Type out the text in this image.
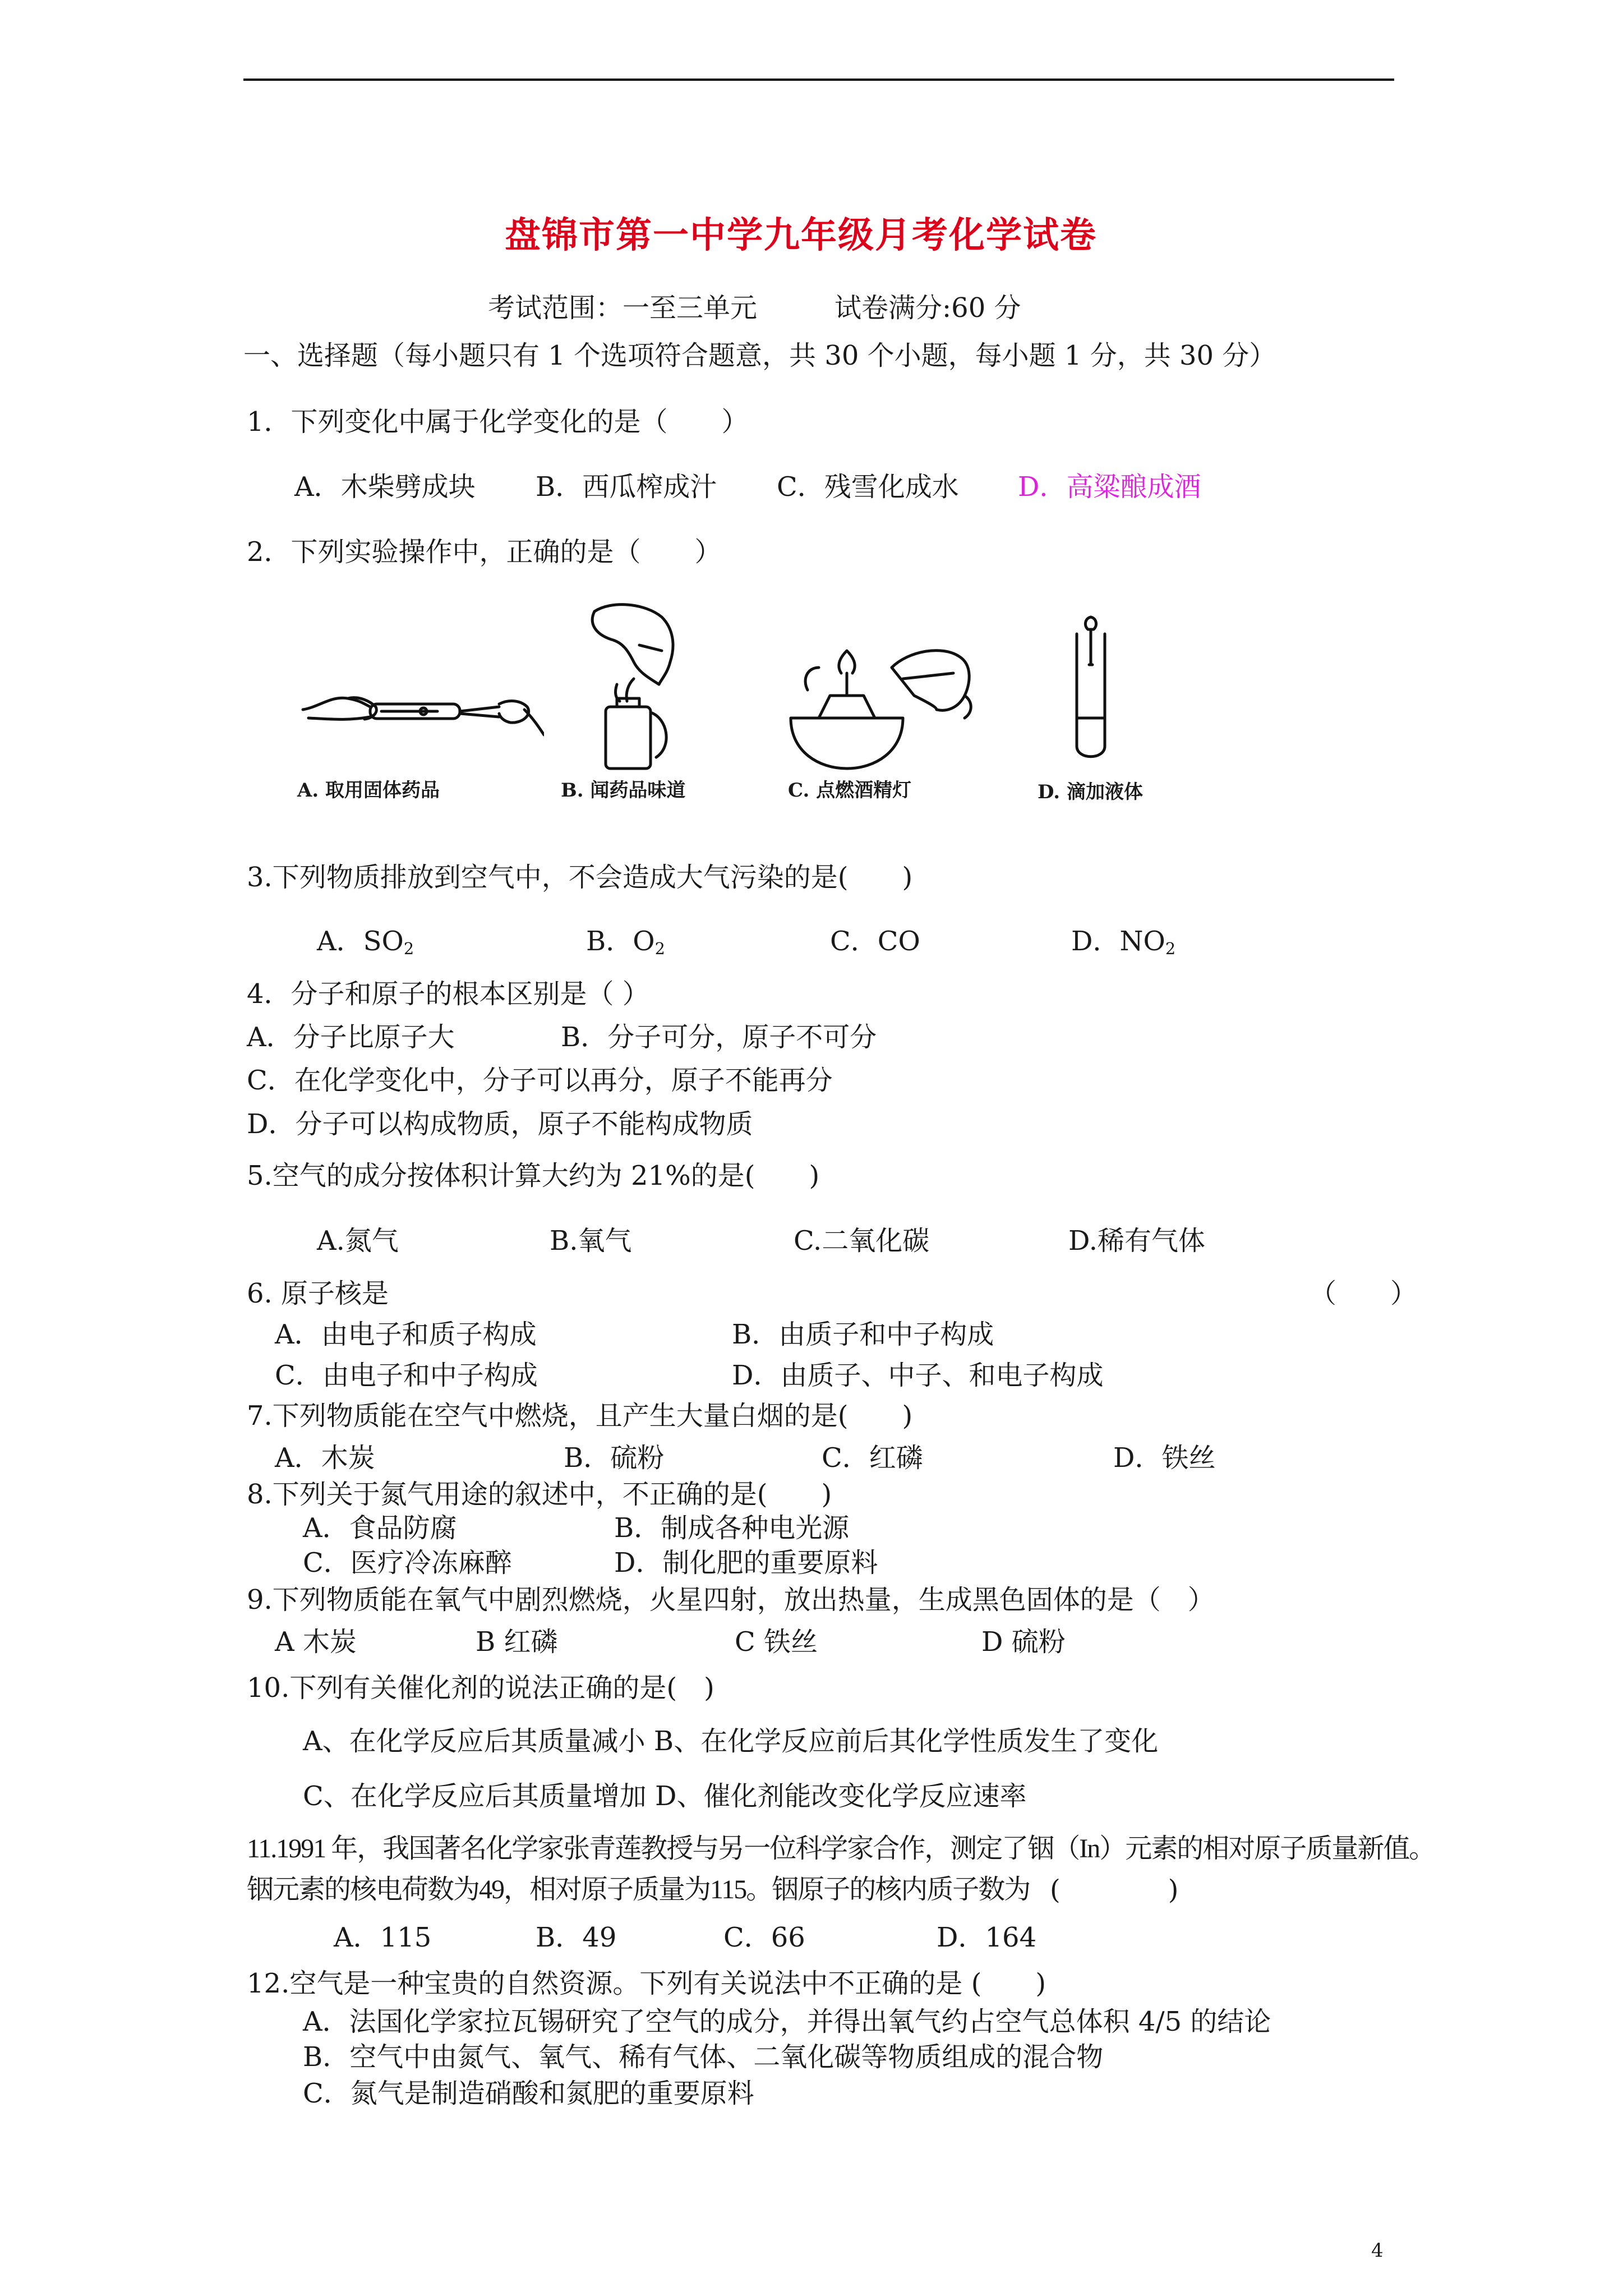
盘锦市第一中学九年级月考化学试卷
考试范围：一至三单元	试卷满分:60 分
一、选择题（每小题只有 1 个选项符合题意，共 30 个小题，每小题 1 分，共 30 分）
1．下列变化中属于化学变化的是（　　）
A．木柴劈成块 B．西瓜榨成汁 C．残雪化成水 D．高粱酿成酒
2．下列实验操作中，正确的是（　　）
A. 取用固体药品	B. 闻药品味道	C. 点燃酒精灯	D. 滴加液体
3.下列物质排放到空气中，不会造成大气污染的是(　　)
A．$SO_2$	B．$O_2$	C．CO	D．$NO_2$
4．分子和原子的根本区别是（ ）
A．分子比原子大	B．分子可分，原子不可分
C．在化学变化中，分子可以再分，原子不能再分
D．分子可以构成物质，原子不能构成物质
5.空气的成分按体积计算大约为 21%的是(　　)
A.氮气	B.氧气	C.二氧化碳	D.稀有气体
6. 原子核是	（　　）
A．由电子和质子构成	B．由质子和中子构成
C．由电子和中子构成	D．由质子、中子、和电子构成
7.下列物质能在空气中燃烧，且产生大量白烟的是(　　)
A．木炭	B．硫粉	C．红磷	D．铁丝
8.下列关于氮气用途的叙述中，不正确的是(　　)
A．食品防腐	B．制成各种电光源
C．医疗冷冻麻醉	D．制化肥的重要原料
9.下列物质能在氧气中剧烈燃烧，火星四射，放出热量，生成黑色固体的是（　）
A 木炭	B 红磷	C 铁丝	D 硫粉
10.下列有关催化剂的说法正确的是(　)
A、在化学反应后其质量减小 B、在化学反应前后其化学性质发生了变化
C、在化学反应后其质量增加 D、催化剂能改变化学反应速率
11.1991 年，我国著名化学家张青莲教授与另一位科学家合作，测定了铟（In）元素的相对原子质量新值。
铟元素的核电荷数为49，相对原子质量为115。铟原子的核内质子数为 (　　　　)
A．115	B．49	C．66	D．164
12.空气是一种宝贵的自然资源。下列有关说法中不正确的是 (　　)
A．法国化学家拉瓦锡研究了空气的成分，并得出氧气约占空气总体积 4/5 的结论
B．空气中由氮气、氧气、稀有气体、二氧化碳等物质组成的混合物
C．氮气是制造硝酸和氮肥的重要原料
4
